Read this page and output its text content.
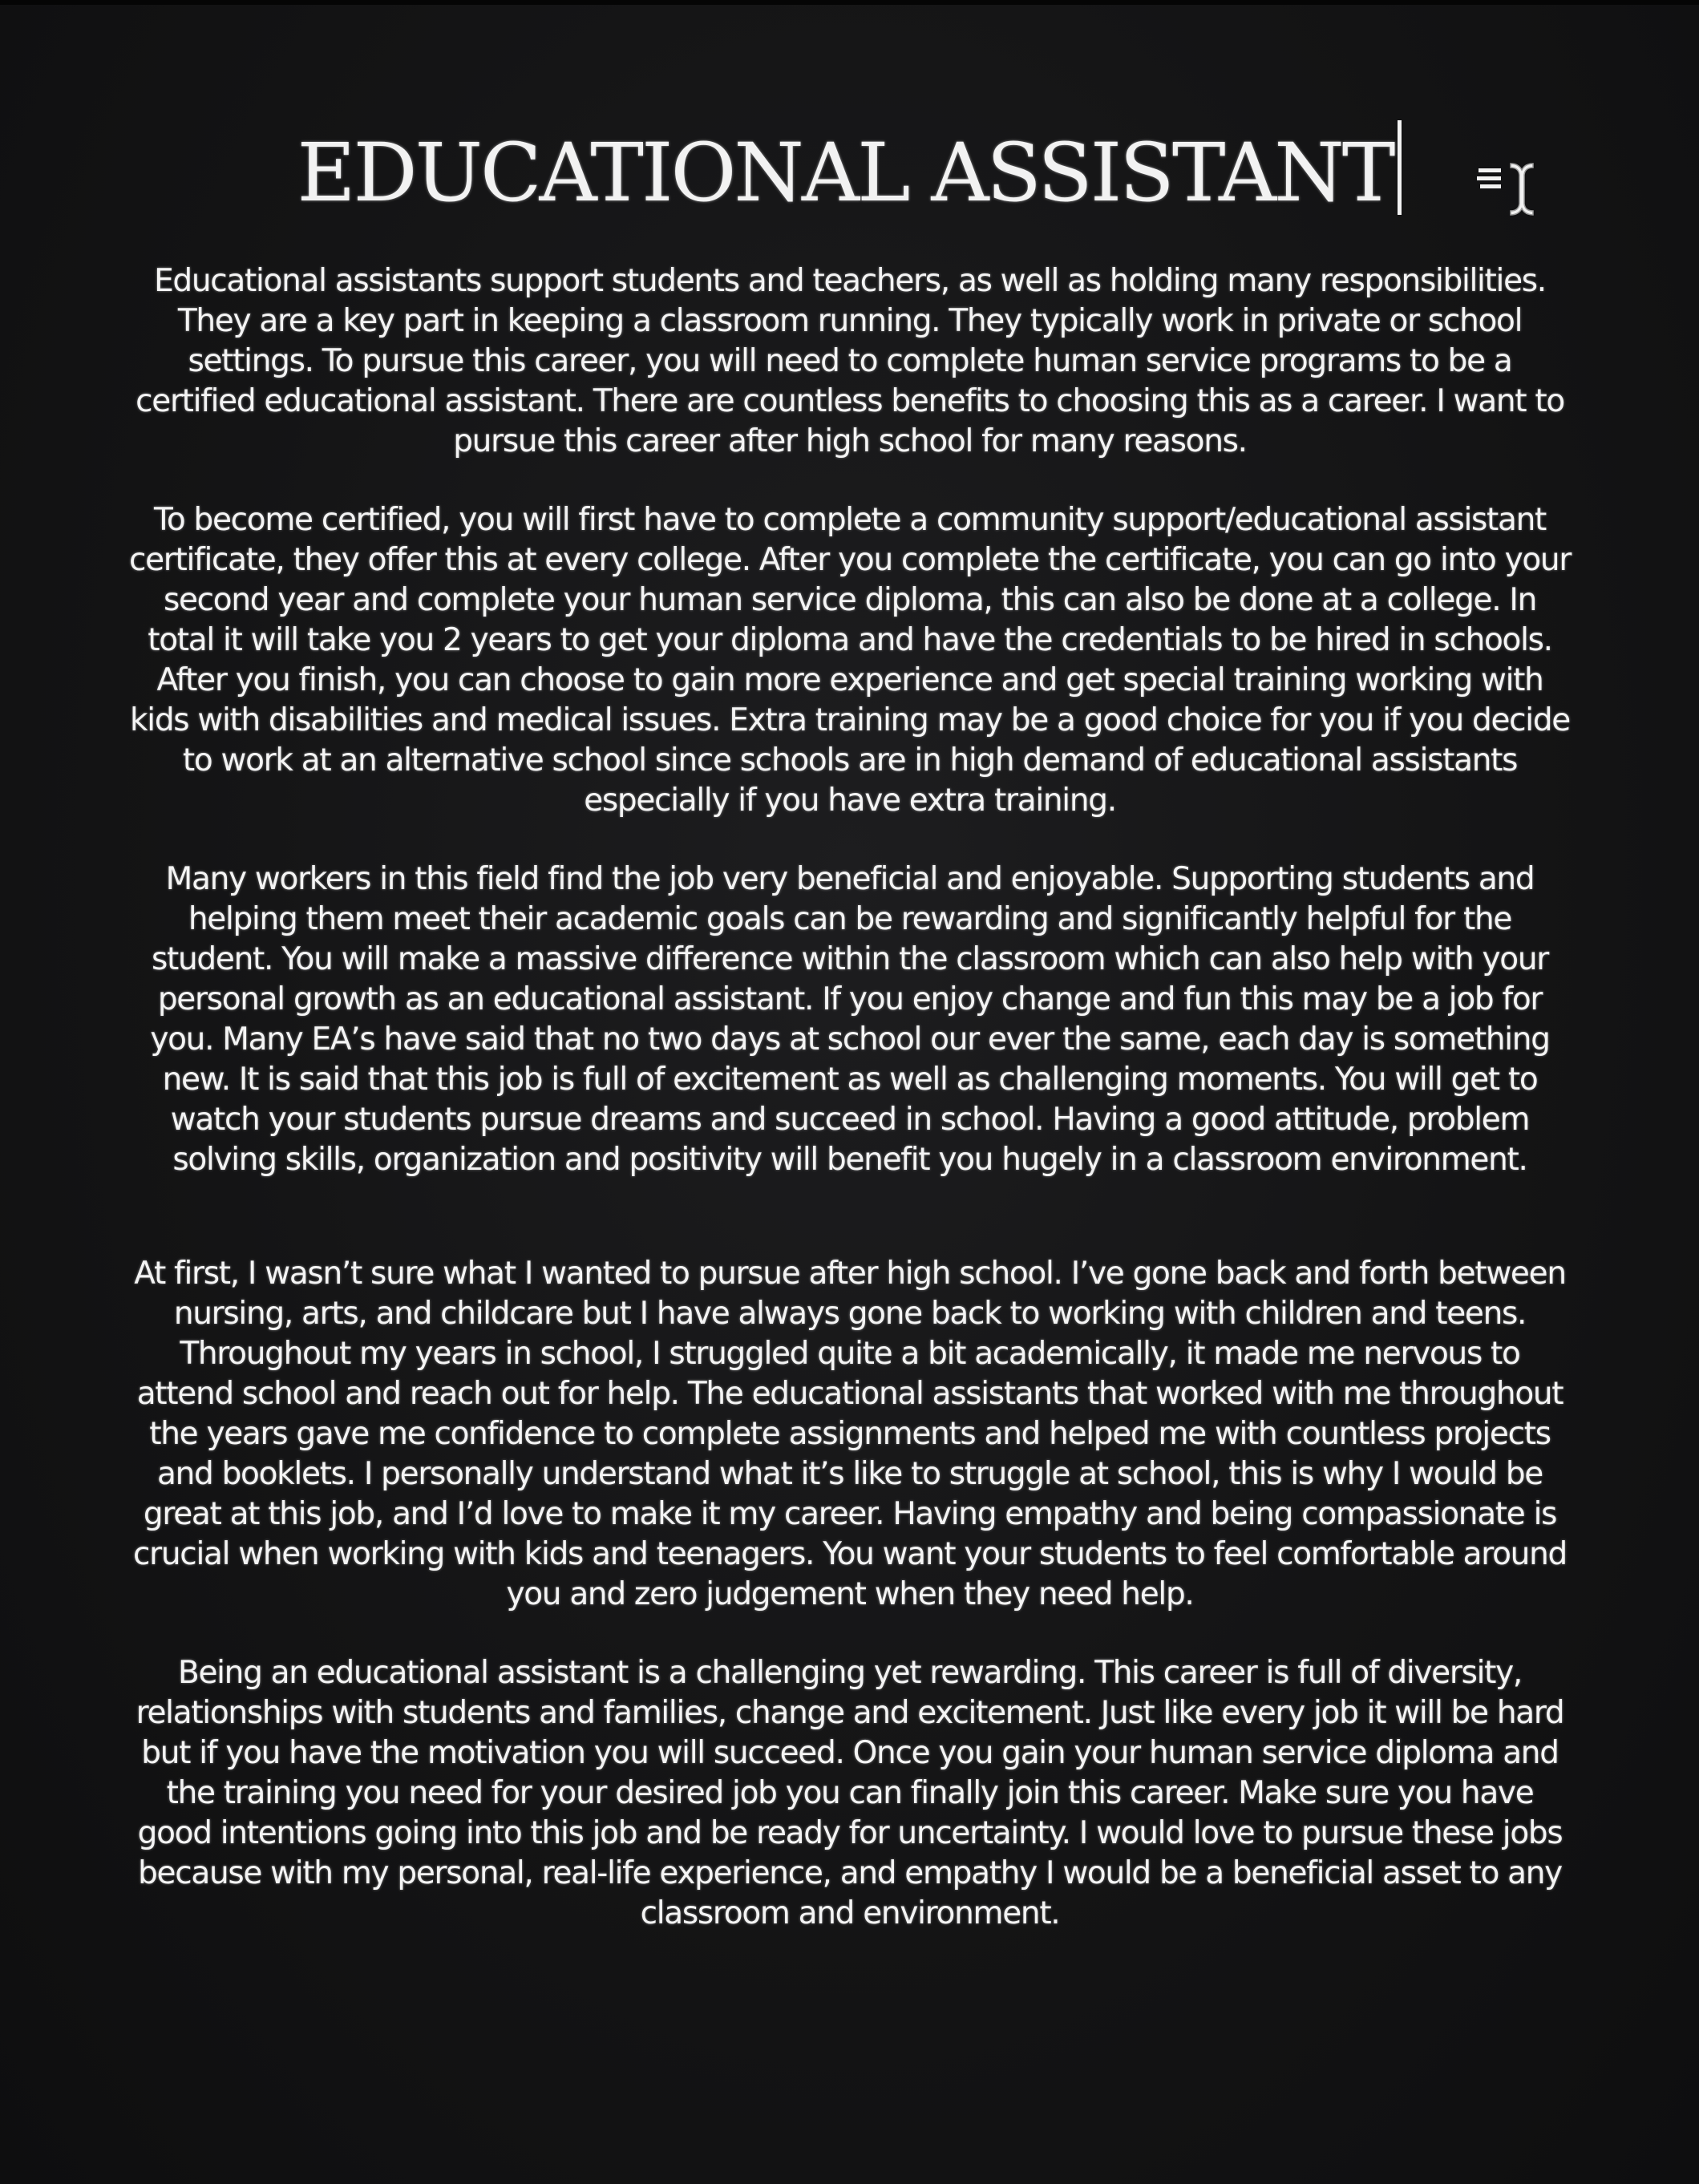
EDUCATIONAL ASSISTANT

Educational assistants support students and teachers, as well as holding many responsibilities. They are a key part in keeping a classroom running. They typically work in private or school settings. To pursue this career, you will need to complete human service programs to be a certified educational assistant. There are countless benefits to choosing this as a career. I want to pursue this career after high school for many reasons.

To become certified, you will first have to complete a community support/educational assistant certificate, they offer this at every college. After you complete the certificate, you can go into your second year and complete your human service diploma, this can also be done at a college. In total it will take you 2 years to get your diploma and have the credentials to be hired in schools. After you finish, you can choose to gain more experience and get special training working with kids with disabilities and medical issues. Extra training may be a good choice for you if you decide to work at an alternative school since schools are in high demand of educational assistants especially if you have extra training.

Many workers in this field find the job very beneficial and enjoyable. Supporting students and helping them meet their academic goals can be rewarding and significantly helpful for the student. You will make a massive difference within the classroom which can also help with your personal growth as an educational assistant. If you enjoy change and fun this may be a job for you. Many EA’s have said that no two days at school our ever the same, each day is something new. It is said that this job is full of excitement as well as challenging moments. You will get to watch your students pursue dreams and succeed in school. Having a good attitude, problem solving skills, organization and positivity will benefit you hugely in a classroom environment.

At first, I wasn’t sure what I wanted to pursue after high school. I’ve gone back and forth between nursing, arts, and childcare but I have always gone back to working with children and teens. Throughout my years in school, I struggled quite a bit academically, it made me nervous to attend school and reach out for help. The educational assistants that worked with me throughout the years gave me confidence to complete assignments and helped me with countless projects and booklets. I personally understand what it’s like to struggle at school, this is why I would be great at this job, and I’d love to make it my career. Having empathy and being compassionate is crucial when working with kids and teenagers. You want your students to feel comfortable around you and zero judgement when they need help.

Being an educational assistant is a challenging yet rewarding. This career is full of diversity, relationships with students and families, change and excitement. Just like every job it will be hard but if you have the motivation you will succeed. Once you gain your human service diploma and the training you need for your desired job you can finally join this career. Make sure you have good intentions going into this job and be ready for uncertainty. I would love to pursue these jobs because with my personal, real-life experience, and empathy I would be a beneficial asset to any classroom and environment.
